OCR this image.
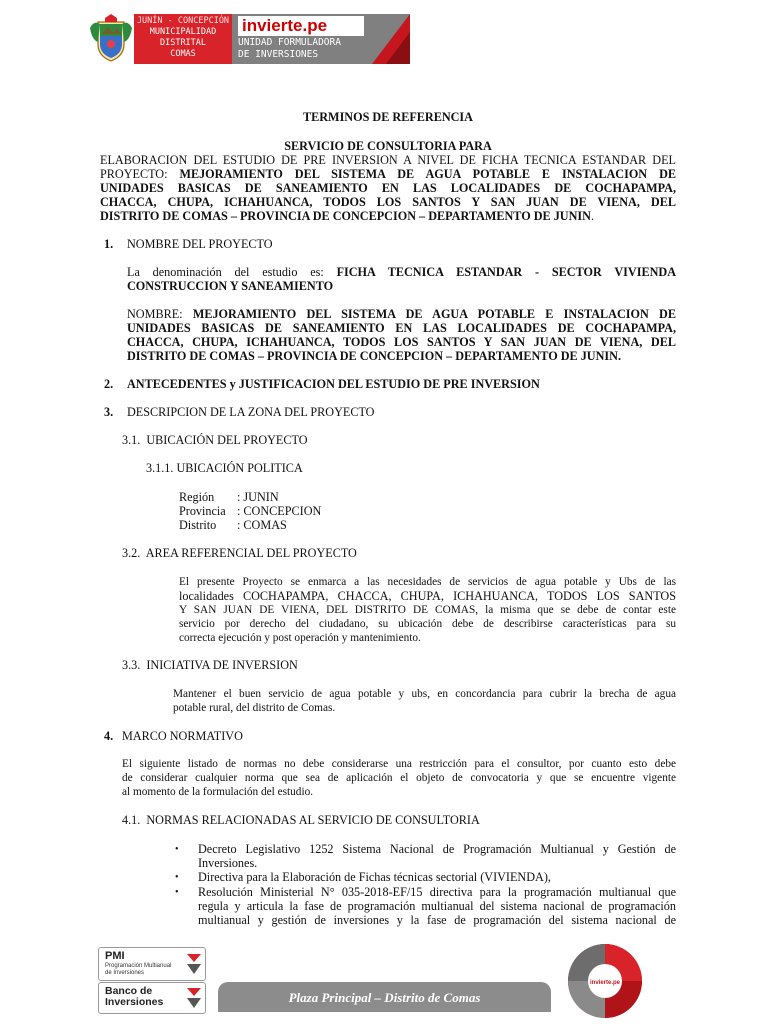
JUNÍN - CONCEPCIÓN
MUNICIPALIDAD
DISTRITAL
COMAS
invierte.pe
UNIDAD FORMULADORA
DE INVERSIONES
TERMINOS DE REFERENCIA
SERVICIO DE CONSULTORIA PARA
ELABORACION DEL ESTUDIO DE PRE INVERSION A NIVEL DE FICHA TECNICA ESTANDAR DEL
PROYECTO: MEJORAMIENTO DEL SISTEMA DE AGUA POTABLE E INSTALACION DE
UNIDADES BASICAS DE SANEAMIENTO EN LAS LOCALIDADES DE COCHAPAMPA,
CHACCA, CHUPA, ICHAHUANCA, TODOS LOS SANTOS Y SAN JUAN DE VIENA, DEL
DISTRITO DE COMAS – PROVINCIA DE CONCEPCION – DEPARTAMENTO DE JUNIN.
1. NOMBRE DEL PROYECTO
La denominación del estudio es: FICHA TECNICA ESTANDAR - SECTOR VIVIENDA
CONSTRUCCION Y SANEAMIENTO
NOMBRE: MEJORAMIENTO DEL SISTEMA DE AGUA POTABLE E INSTALACION DE
UNIDADES BASICAS DE SANEAMIENTO EN LAS LOCALIDADES DE COCHAPAMPA,
CHACCA, CHUPA, ICHAHUANCA, TODOS LOS SANTOS Y SAN JUAN DE VIENA, DEL
DISTRITO DE COMAS – PROVINCIA DE CONCEPCION – DEPARTAMENTO DE JUNIN.
2. ANTECEDENTES y JUSTIFICACION DEL ESTUDIO DE PRE INVERSION
3. DESCRIPCION DE LA ZONA DEL PROYECTO
3.1.  UBICACIÓN DEL PROYECTO
3.1.1. UBICACIÓN POLITICA
Región : JUNIN
Provincia : CONCEPCION
Distrito : COMAS
3.2.  AREA REFERENCIAL DEL PROYECTO
El presente Proyecto se enmarca a las necesidades de servicios de agua potable y Ubs de las
localidades COCHAPAMPA, CHACCA, CHUPA, ICHAHUANCA, TODOS LOS SANTOS
Y SAN JUAN DE VIENA, DEL DISTRITO DE COMAS, la misma que se debe de contar este
servicio por derecho del ciudadano, su ubicación debe de describirse características para su
correcta ejecución y post operación y mantenimiento.
3.3.  INICIATIVA DE INVERSION
Mantener el buen servicio de agua potable y ubs, en concordancia para cubrir la brecha de agua
potable rural, del distrito de Comas.
4. MARCO NORMATIVO
El siguiente listado de normas no debe considerarse una restricción para el consultor, por cuanto esto debe
de considerar cualquier norma que sea de aplicación el objeto de convocatoria y que se encuentre vigente
al momento de la formulación del estudio.
4.1.  NORMAS RELACIONADAS AL SERVICIO DE CONSULTORIA
• Decreto Legislativo 1252 Sistema Nacional de Programación Multianual y Gestión de
Inversiones.
• Directiva para la Elaboración de Fichas técnicas sectorial (VIVIENDA),
• Resolución Ministerial N° 035-2018-EF/15 directiva para la programación multianual que
regula y articula la fase de programación multianual del sistema nacional de programación
multianual y gestión de inversiones y la fase de programación del sistema nacional de
PMI
Programación Multianual
de Inversiones
Banco de
Inversiones	Plaza Principal – Distrito de Comas
invierte.pe
